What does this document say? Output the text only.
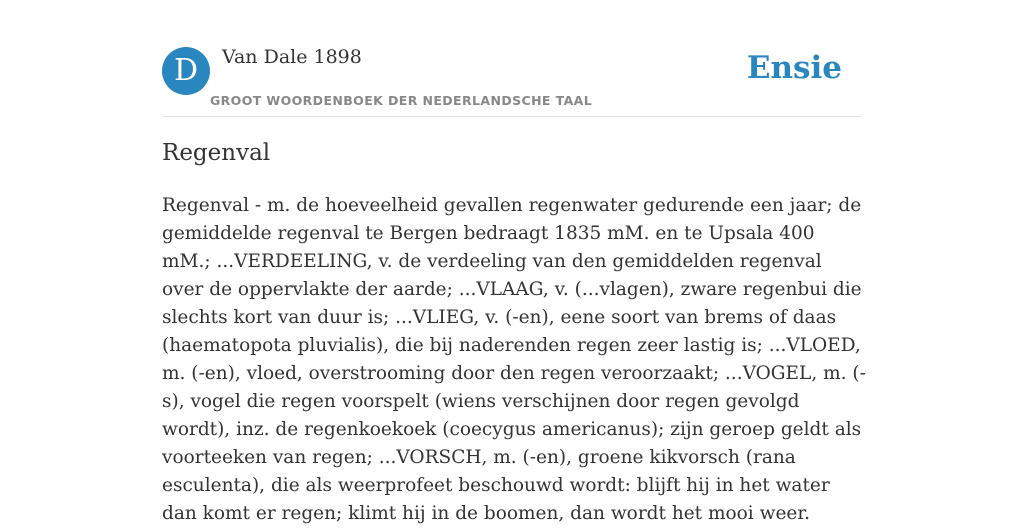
D	Van Dale 1898
GROOT WOORDENBOEK DER NEDERLANDSCHE TAAL
Ensie
Regenval

Regenval - m. de hoeveelheid gevallen regenwater gedurende een jaar; de gemiddelde regenval te Bergen bedraagt 1835 mM. en te Upsala 400 mM.; ...VERDEELING, v. de verdeeling van den gemiddelden regenval over de oppervlakte der aarde; ...VLAAG, v. (...vlagen), zware regenbui die slechts kort van duur is; ...VLIEG, v. (-en), eene soort van brems of daas (haematopota pluvialis), die bij naderenden regen zeer lastig is; ...VLOED, m. (-en), vloed, overstrooming door den regen veroorzaakt; ...VOGEL, m. (-s), vogel die regen voorspelt (wiens verschijnen door regen gevolgd wordt), inz. de regenkoekoek (coecygus americanus); zijn geroep geldt als voorteeken van regen; ...VORSCH, m. (-en), groene kikvorsch (rana esculenta), die als weerprofeet beschouwd wordt: blijft hij in het water dan komt er regen; klimt hij in de boomen, dan wordt het mooi weer.
